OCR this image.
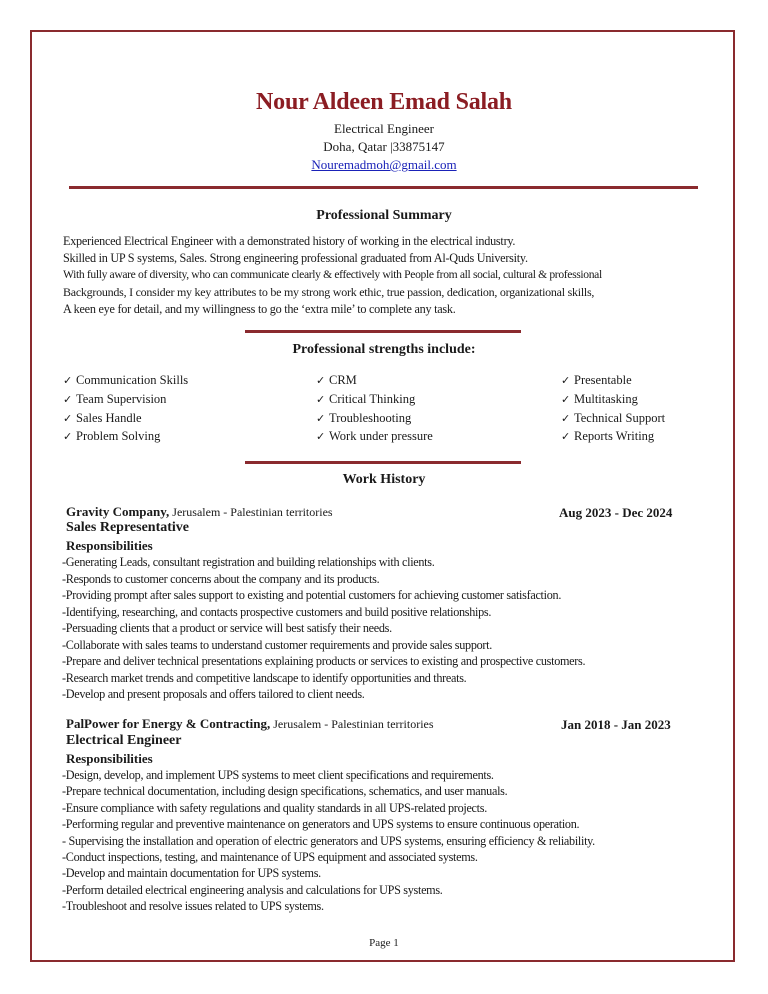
Nour Aldeen Emad Salah
Electrical Engineer
Doha, Qatar |33875147
Nouremadmoh@gmail.com
Professional Summary
Experienced Electrical Engineer with a demonstrated history of working in the electrical industry.
Skilled in UP S systems, Sales. Strong engineering professional graduated from Al-Quds University.
With fully aware of diversity, who can communicate clearly & effectively with People from all social, cultural & professional
Backgrounds, I consider my key attributes to be my strong work ethic, true passion, dedication, organizational skills,
A keen eye for detail, and my willingness to go the ‘extra mile’ to complete any task.
Professional strengths include:
✓ Communication Skills
✓ Team Supervision
✓ Sales Handle
✓ Problem Solving
✓ CRM
✓ Critical Thinking
✓ Troubleshooting
✓ Work under pressure
✓ Presentable
✓ Multitasking
✓ Technical Support
✓ Reports Writing
Work History
Gravity Company, Jerusalem - Palestinian territories	Aug 2023 - Dec 2024
Sales Representative
Responsibilities
-Generating Leads, consultant registration and building relationships with clients.
-Responds to customer concerns about the company and its products.
-Providing prompt after sales support to existing and potential customers for achieving customer satisfaction.
-Identifying, researching, and contacts prospective customers and build positive relationships.
-Persuading clients that a product or service will best satisfy their needs.
-Collaborate with sales teams to understand customer requirements and provide sales support.
-Prepare and deliver technical presentations explaining products or services to existing and prospective customers.
-Research market trends and competitive landscape to identify opportunities and threats.
-Develop and present proposals and offers tailored to client needs.
PalPower for Energy & Contracting, Jerusalem - Palestinian territories	Jan 2018 - Jan 2023
Electrical Engineer
Responsibilities
-Design, develop, and implement UPS systems to meet client specifications and requirements.
-Prepare technical documentation, including design specifications, schematics, and user manuals.
-Ensure compliance with safety regulations and quality standards in all UPS-related projects.
-Performing regular and preventive maintenance on generators and UPS systems to ensure continuous operation.
- Supervising the installation and operation of electric generators and UPS systems, ensuring efficiency & reliability.
-Conduct inspections, testing, and maintenance of UPS equipment and associated systems.
-Develop and maintain documentation for UPS systems.
-Perform detailed electrical engineering analysis and calculations for UPS systems.
-Troubleshoot and resolve issues related to UPS systems.
Page 1
